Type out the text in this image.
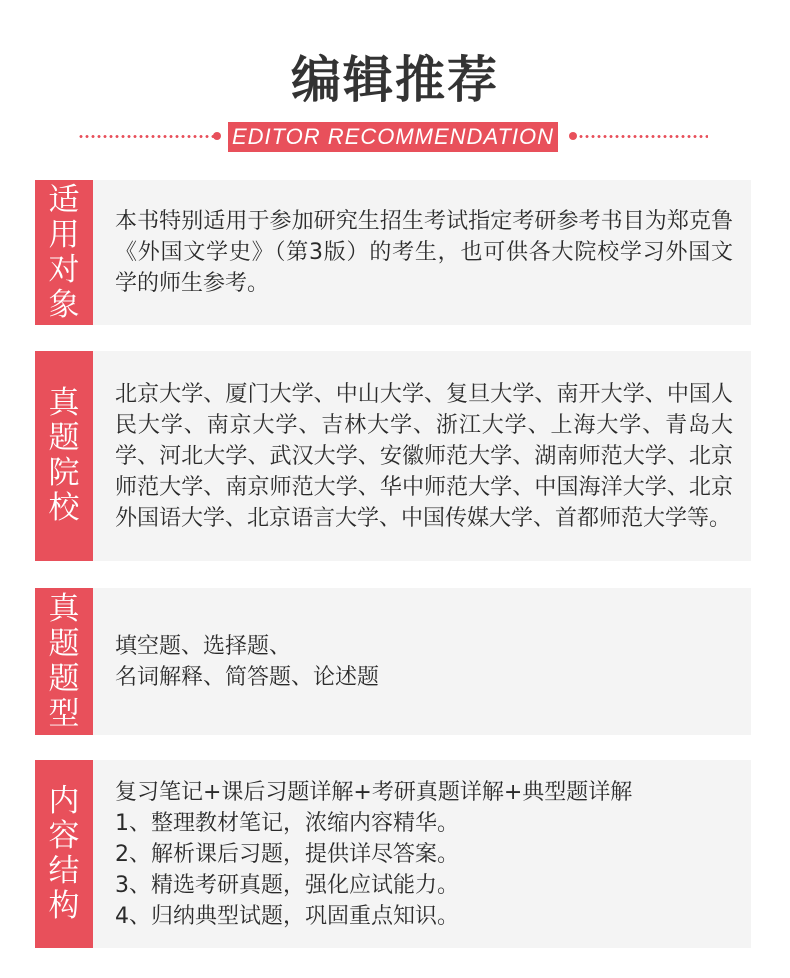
编辑推荐
EDITOR RECOMMENDATION
适
用
对
象
本书特别适用于参加研究生招生考试指定考研参考书目为郑克鲁《外国文学史》（第3版）的考生，也可供各大院校学习外国文学的师生参考。
真
题
院
校
北京大学、厦门大学、中山大学、复旦大学、南开大学、中国人民大学、南京大学、吉林大学、浙江大学、上海大学、青岛大学、河北大学、武汉大学、安徽师范大学、湖南师范大学、北京师范大学、南京师范大学、华中师范大学、中国海洋大学、北京外国语大学、北京语言大学、中国传媒大学、首都师范大学等。
真
题
题
型

填空题、选择题、

名词解释、简答题、论述题

内
容
结
构

复习笔记+课后习题详解+考研真题详解+典型题详解

1、整理教材笔记，浓缩内容精华。

2、解析课后习题，提供详尽答案。

3、精选考研真题，强化应试能力。

4、归纳典型试题，巩固重点知识。
